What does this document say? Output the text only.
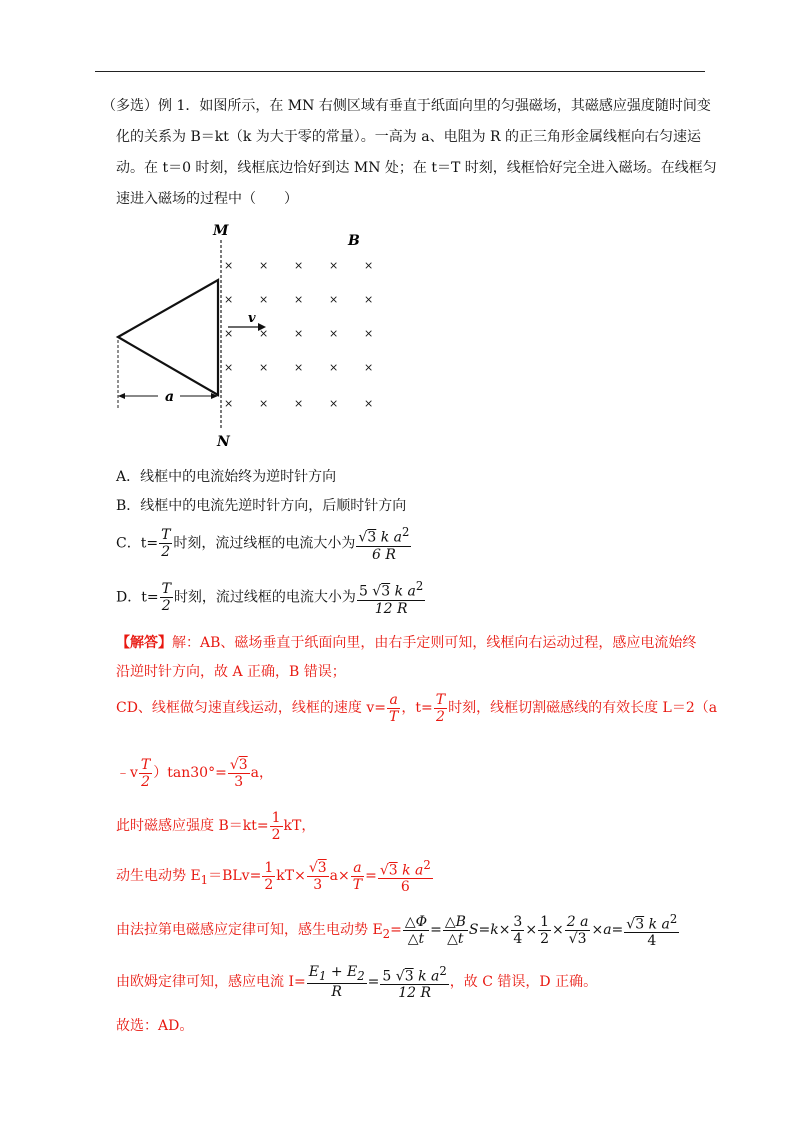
（多选）例 1．如图所示，在 MN 右侧区域有垂直于纸面向里的匀强磁场，其磁感应强度随时间变
化的关系为 B＝kt（k 为大于零的常量）。一高为 a、电阻为 R 的正三角形金属线框向右匀速运
动。在 t＝0 时刻，线框底边恰好到达 MN 处；在 t＝T 时刻，线框恰好完全进入磁场。在线框匀
速进入磁场的过程中（　　）
M
N
B
v
a
× × × × ×
× × × × ×
× × × × ×
× × × × ×
× × × × ×
A．线框中的电流始终为逆时针方向
B．线框中的电流先逆时针方向，后顺时针方向
C．$t= \frac{T}{2}$ 时刻，流过线框的电流大小为 $\frac{√3 k a^2}{6 R}$
D．$t= \frac{T}{2}$ 时刻，流过线框的电流大小为 $\frac{5 √3 k a^2}{12 R}$
【解答】解：AB、磁场垂直于纸面向里，由右手定则可知，线框向右运动过程，感应电流始终
沿逆时针方向，故 A 正确，B 错误；
CD、线框做匀速直线运动，线框的速度 $v= \frac{a}{T}$ ，$t= \frac{T}{2}$ 时刻，线框切割磁感线的有效长度 L＝2（a
﹣v $\frac{T}{2} )\tan 30^\circ= \frac{√3}{3}$ a，
此时磁感应强度 $B=kt= \frac{1}{2}$ kT，
动生电动势 $E_1=BLv= \frac{1}{2} kT\times \frac{√3}{3} a\times \frac{a}{T} = \frac{√3 k a^2}{6}$
由法拉第电磁感应定律可知，感生电动势 $E_2= \frac{\triangle\Phi}{\triangle t} = \frac{\triangle B}{\triangle t} S=k\times \frac{3}{4} \times \frac{1}{2} \times \frac{2 a}{√3} \times a= \frac{√3 k a^2}{4}$
由欧姆定律可知，感应电流 $I= \frac{E_1 + E_2}{R} = \frac{5 √3 k a^2}{12 R}$ ，故 C 错误，D 正确。
故选：AD。
